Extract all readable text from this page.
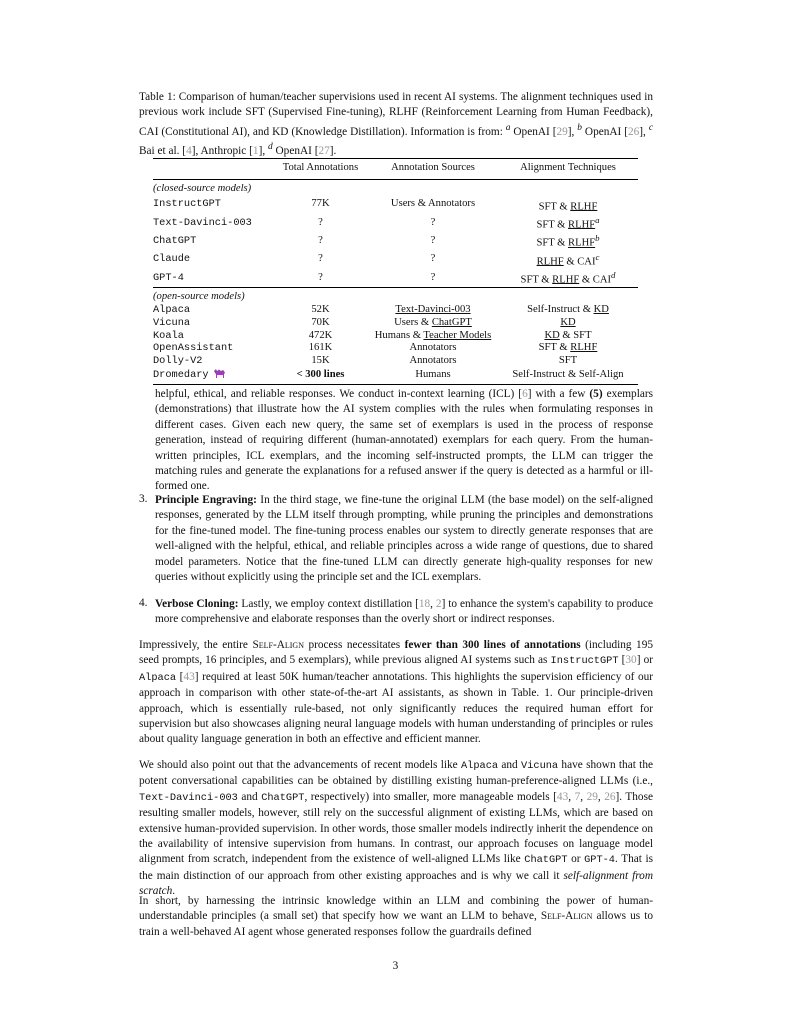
Table 1: Comparison of human/teacher supervisions used in recent AI systems. The alignment techniques used in previous work include SFT (Supervised Fine-tuning), RLHF (Reinforcement Learning from Human Feedback), CAI (Constitutional AI), and KD (Knowledge Distillation). Information is from: $^a$ OpenAI [29], $^b$ OpenAI [26], $^c$ Bai et al. [4], Anthropic [1], $^d$ OpenAI [27].
	Total Annotations	Annotation Sources	Alignment Techniques
(closed-source models)			
InstructGPT	77K	Users & Annotators	SFT & RLHF
Text-Davinci-003	?	?	SFT & RLHF$^a$
ChatGPT	?	?	SFT & RLHF$^b$
Claude	?	?	RLHF & CAI$^c$
GPT-4	?	?	SFT & RLHF & CAI$^d$
(open-source models)			
Alpaca	52K	Text-Davinci-003	Self-Instruct & KD
Vicuna	70K	Users & ChatGPT	KD
Koala	472K	Humans & Teacher Models	KD & SFT
OpenAssistant	161K	Annotators	SFT & RLHF
Dolly-V2	15K	Annotators	SFT
Dromedary	< 300 lines	Humans	Self-Instruct & Self-Align
helpful, ethical, and reliable responses. We conduct in-context learning (ICL) [6] with a few (5) exemplars (demonstrations) that illustrate how the AI system complies with the rules when formulating responses in different cases. Given each new query, the same set of exemplars is used in the process of response generation, instead of requiring different (human-annotated) exemplars for each query. From the human-written principles, ICL exemplars, and the incoming self-instructed prompts, the LLM can trigger the matching rules and generate the explanations for a refused answer if the query is detected as a harmful or ill-formed one.
3. Principle Engraving: In the third stage, we fine-tune the original LLM (the base model) on the self-aligned responses, generated by the LLM itself through prompting, while pruning the principles and demonstrations for the fine-tuned model. The fine-tuning process enables our system to directly generate responses that are well-aligned with the helpful, ethical, and reliable principles across a wide range of questions, due to shared model parameters. Notice that the fine-tuned LLM can directly generate high-quality responses for new queries without explicitly using the principle set and the ICL exemplars.
4. Verbose Cloning: Lastly, we employ context distillation [18, 2] to enhance the system's capability to produce more comprehensive and elaborate responses than the overly short or indirect responses.
Impressively, the entire Self-Align process necessitates fewer than 300 lines of annotations (including 195 seed prompts, 16 principles, and 5 exemplars), while previous aligned AI systems such as InstructGPT [30] or Alpaca [43] required at least 50K human/teacher annotations. This highlights the supervision efficiency of our approach in comparison with other state-of-the-art AI assistants, as shown in Table. 1. Our principle-driven approach, which is essentially rule-based, not only significantly reduces the required human effort for supervision but also showcases aligning neural language models with human understanding of principles or rules about quality language generation in both an effective and efficient manner.
We should also point out that the advancements of recent models like Alpaca and Vicuna have shown that the potent conversational capabilities can be obtained by distilling existing human-preference-aligned LLMs (i.e., Text-Davinci-003 and ChatGPT, respectively) into smaller, more manageable models [43, 7, 29, 26]. Those resulting smaller models, however, still rely on the successful alignment of existing LLMs, which are based on extensive human-provided supervision. In other words, those smaller models indirectly inherit the dependence on the availability of intensive supervision from humans. In contrast, our approach focuses on language model alignment from scratch, independent from the existence of well-aligned LLMs like ChatGPT or GPT-4. That is the main distinction of our approach from other existing approaches and is why we call it self-alignment from scratch.
In short, by harnessing the intrinsic knowledge within an LLM and combining the power of human-understandable principles (a small set) that specify how we want an LLM to behave, Self-Align allows us to train a well-behaved AI agent whose generated responses follow the guardrails defined
3
